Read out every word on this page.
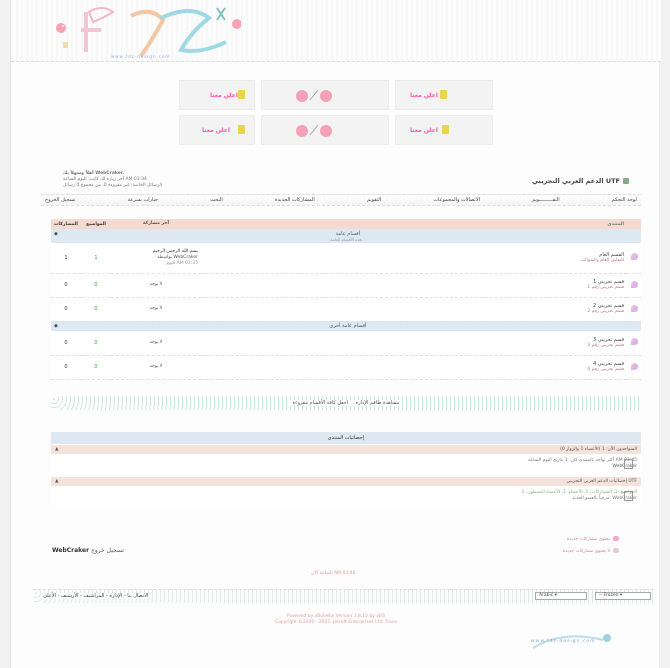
www.fdz-design.com
اعلن معنا	اعلن معنا
اعلن معنا	اعلن معنا
أهلاً وسهلاً بك WebCraker.
آخر زيارة لك كانت: اليوم الساعة AM 03:34
الرسائل الخاصة: غير مقروءة 0، من مجموع 0 رسائل
الدعم العربي التجريبي UTF
لوحة التحكم
التقـــــــــويم
الاتصالات والمجموعات
التقويم
المشاركات الجديدة
البحث
خيارات بسرعة
تسجيل الخروج
المشاركات	المواضيع	آخر مشاركة	المنتدى	

◆ أقسام عامة
هذه الأقسام العامة				

1	1	بسم الله الرحمن الرحيم
بواسطة WebCraker
اليوم AM 03:35	القسم العام
للنقاش العام والشوالب	

0	0	لا يوجد	قسم تجريبي 1
قسم تجريبي رقم 1	

0	0	لا يوجد	قسم تجريبي 2
قسم تجريبي رقم 2	

◆ أقسام عامة أخرى				
0	0	لا يوجد	قسم تجريبي 3
قسم تجريبي رقم 3	

0	0	لا يوجد	قسم تجريبي 4
قسم تجريبي رقم 4	

مشاهدة طاقم الإدارة اجعل كافة الأقسام مقروءة
إحصائيات المنتدى
▲	المتواجدون الآن: 1 (الأعضاء 1 والزوار 0)
أكثر تواجد بالمنتدى كان: 1 بتاريخ اليوم الساعة AM 03:45
WebCraker
▲	إحصائيات الدعم العربي التجريبي UTF
المواضيع: 1، المشاركات: 1، الأعضاء: 1، الأعضاء النشطون: 1
مرحباً بالعضو الجديد: WebCraker
يحتوي مشاركات جديدة
لا يحتوي مشاركات جديدة
WebCraker تسجيل خروج
الساعة الآن AM 03:46
الاتصال بنا - الإدارة - المراشيف - الأرشيف - الأعلى	Arabic ▾	-- Frozen ▾
Powered by vBulletin Version 3.8.12 by vBS
Copyright ©2000 - 2025, Jelsoft Enterprises Ltd. Trans
www.fdz-design.com
